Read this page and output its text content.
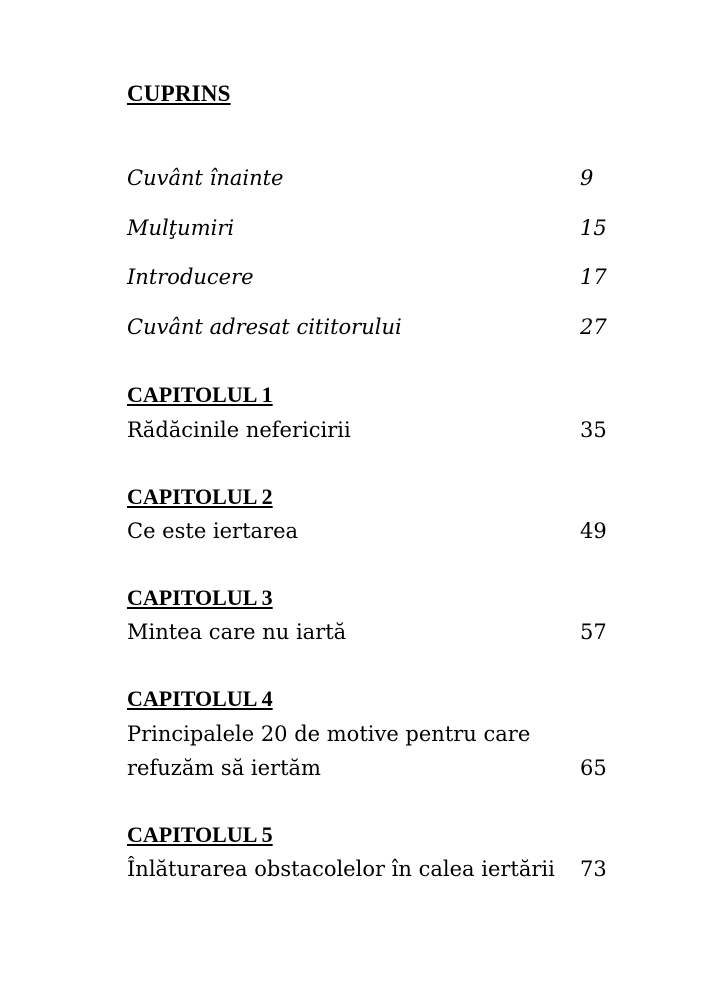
CUPRINS
Cuvânt înainte	9
Mulţumiri	15
Introducere	17
Cuvânt adresat cititorului	27
CAPITOLUL 1
Rădăcinile nefericirii	35
CAPITOLUL 2
Ce este iertarea	49
CAPITOLUL 3
Mintea care nu iartă	57
CAPITOLUL 4
Principalele 20 de motive pentru care
refuzăm să iertăm	65
CAPITOLUL 5
Înlăturarea obstacolelor în calea iertării 73
